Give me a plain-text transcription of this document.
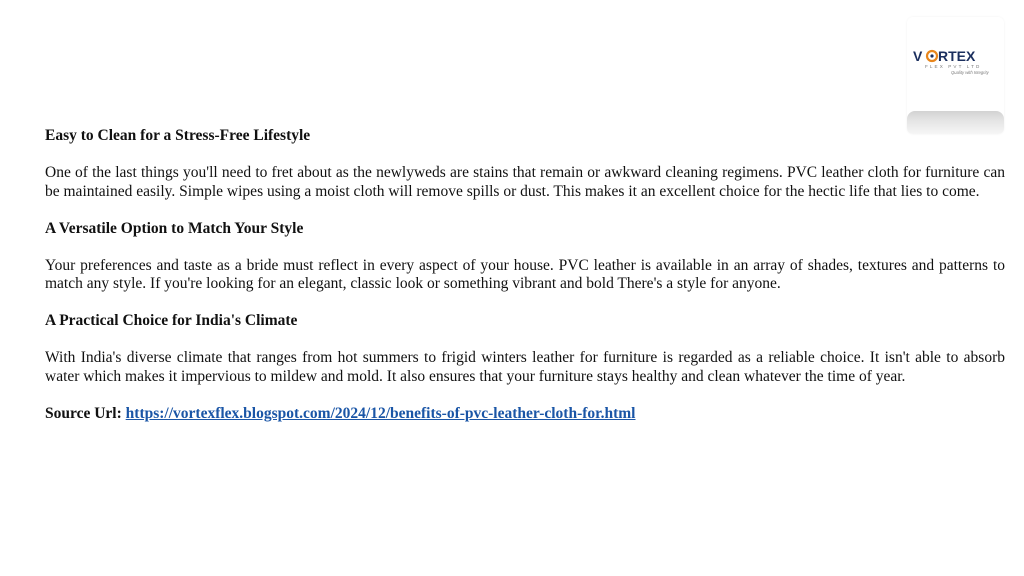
V RTEX
FLEX PVT LTD
Quality with Integrity

Easy to Clean for a Stress-Free Lifestyle

One of the last things you'll need to fret about as the newlyweds are stains that remain or awkward cleaning regimens. PVC leather cloth for furniture can be maintained easily. Simple wipes using a moist cloth will remove spills or dust. This makes it an excellent choice for the hectic life that lies to come.

A Versatile Option to Match Your Style

Your preferences and taste as a bride must reflect in every aspect of your house. PVC leather is available in an array of shades, textures and patterns to match any style. If you're looking for an elegant, classic look or something vibrant and bold There's a style for anyone.

A Practical Choice for India's Climate

With India's diverse climate that ranges from hot summers to frigid winters leather for furniture is regarded as a reliable choice. It isn't able to absorb water which makes it impervious to mildew and mold. It also ensures that your furniture stays healthy and clean whatever the time of year.

Source Url: https://vortexflex.blogspot.com/2024/12/benefits-of-pvc-leather-cloth-for.html
